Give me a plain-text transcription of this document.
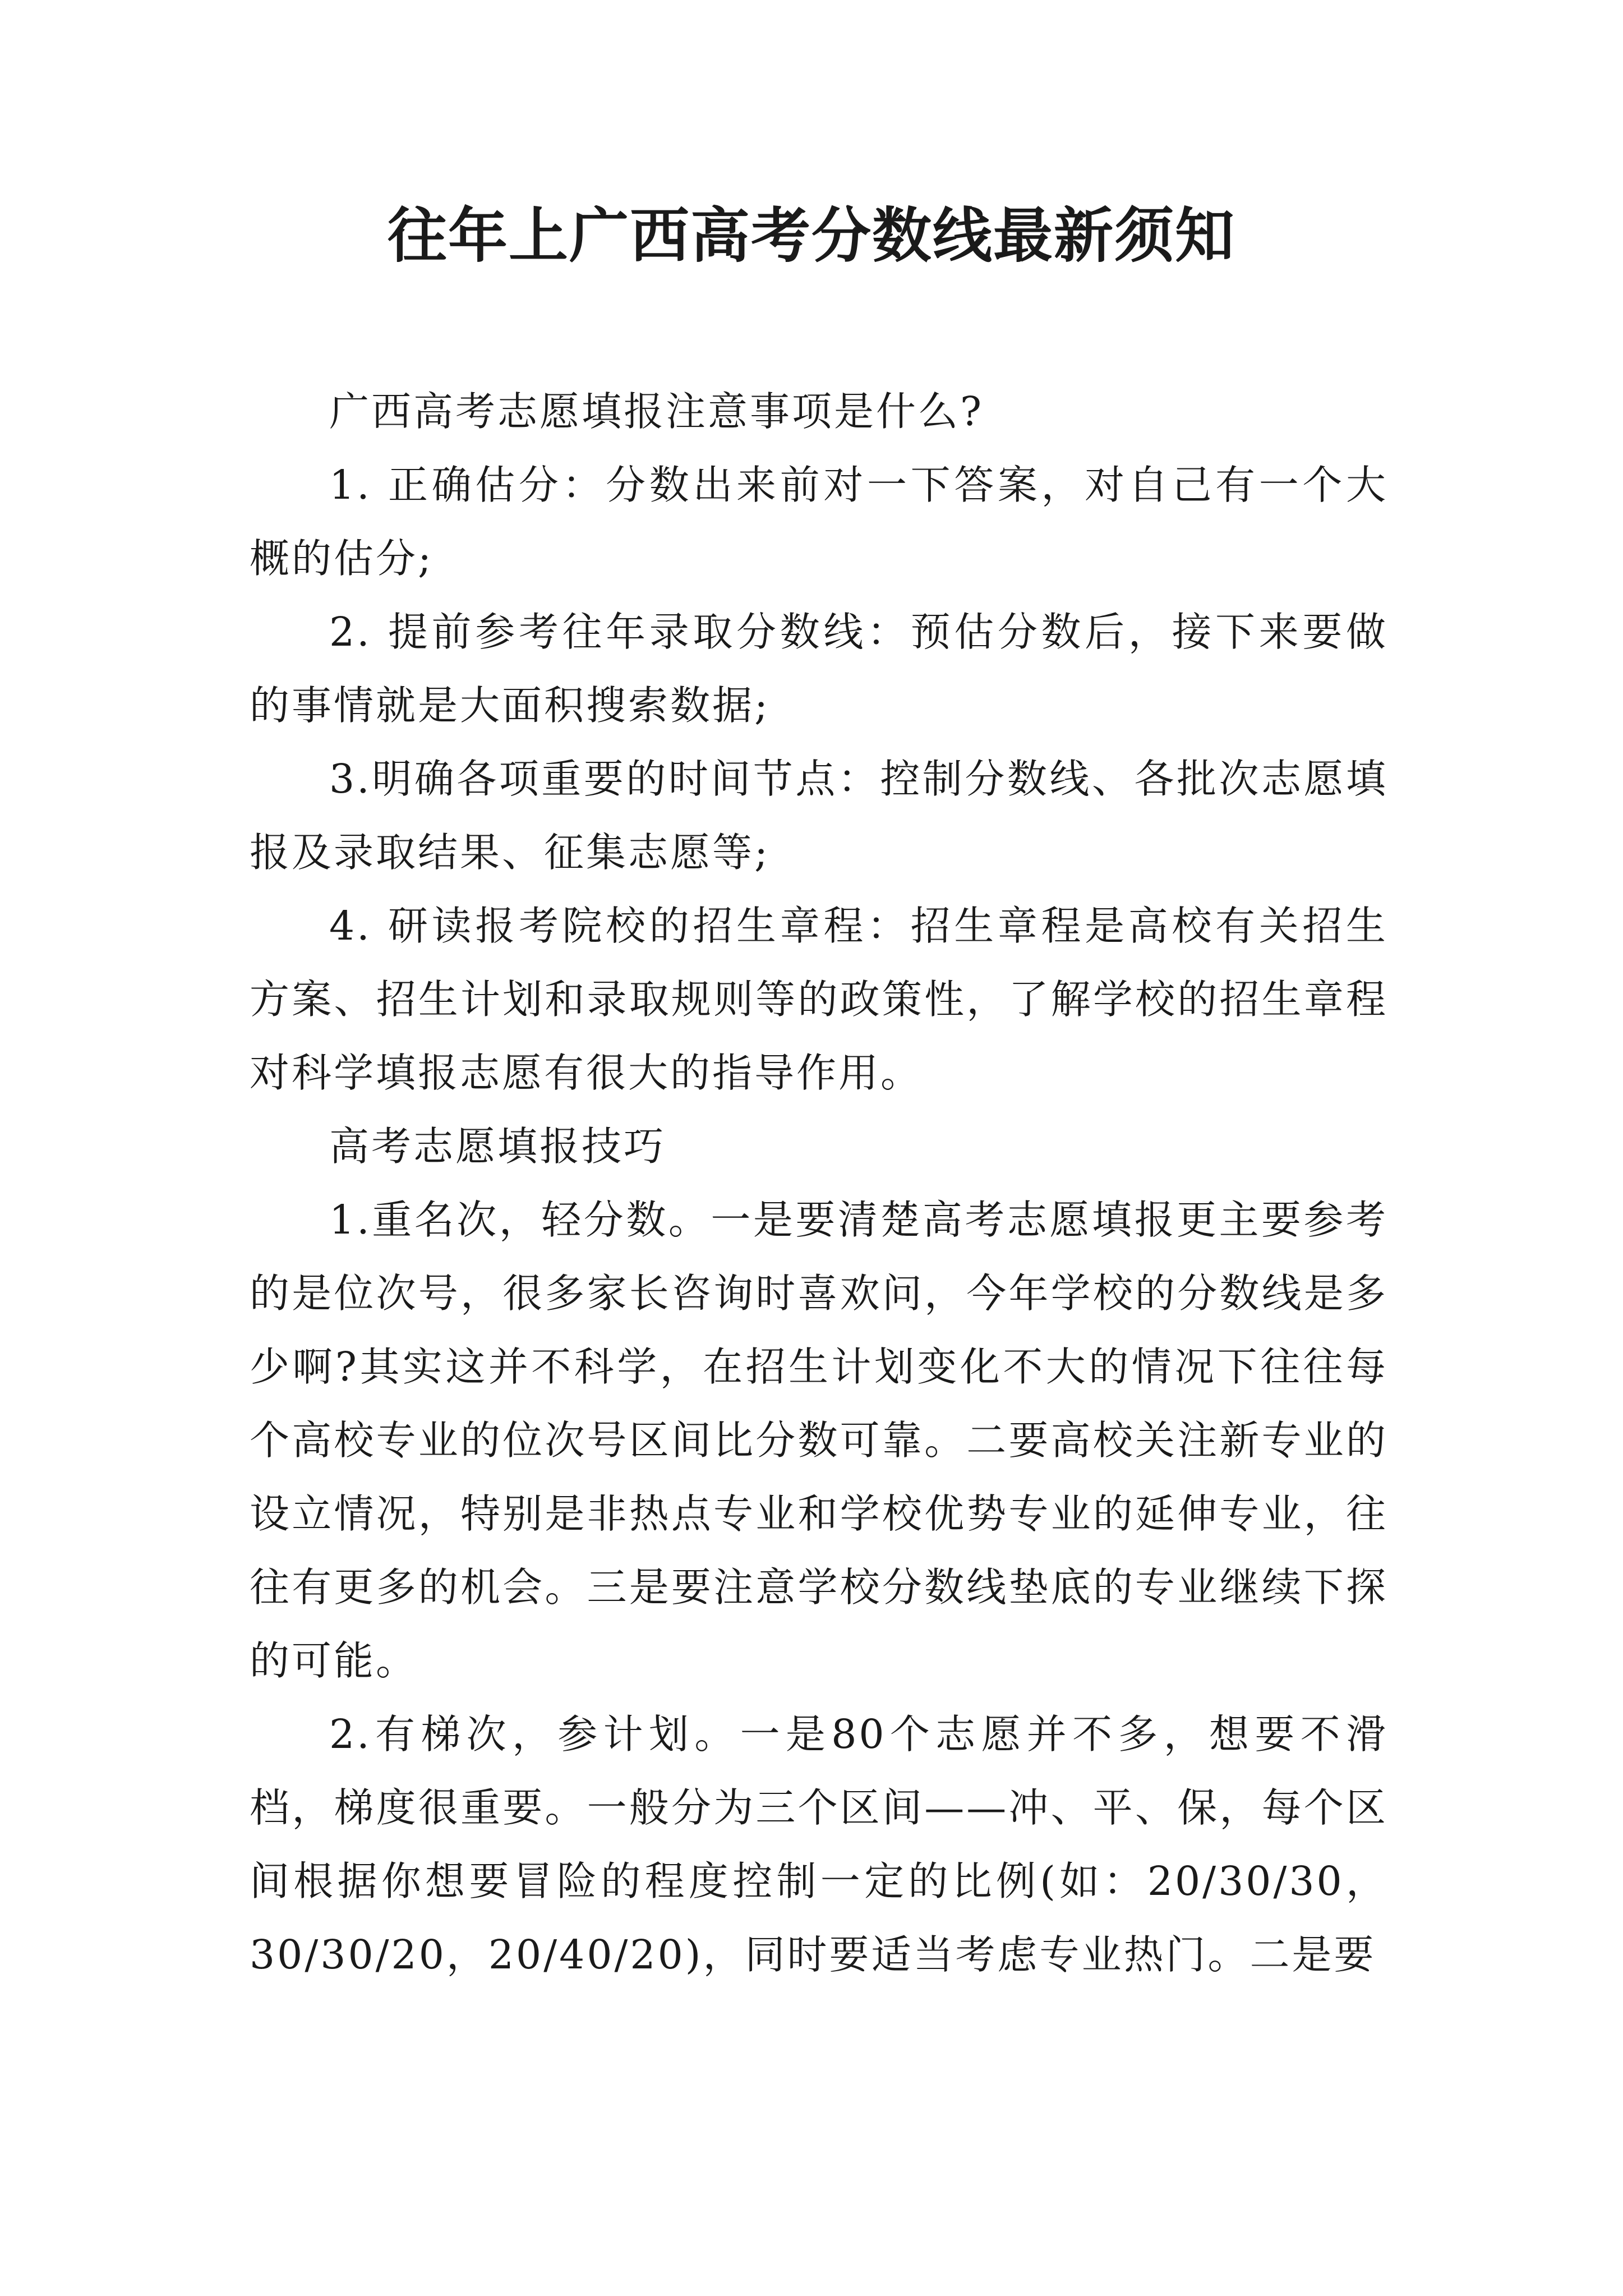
往年上广西高考分数线最新须知

广西高考志愿填报注意事项是什么?

1. 正确估分：分数出来前对一下答案，对自己有一个大概的估分;

2. 提前参考往年录取分数线：预估分数后，接下来要做的事情就是大面积搜索数据;

3.明确各项重要的时间节点：控制分数线、各批次志愿填报及录取结果、征集志愿等;

4. 研读报考院校的招生章程：招生章程是高校有关招生方案、招生计划和录取规则等的政策性，了解学校的招生章程对科学填报志愿有很大的指导作用。

高考志愿填报技巧

1.重名次，轻分数。一是要清楚高考志愿填报更主要参考的是位次号，很多家长咨询时喜欢问，今年学校的分数线是多少啊?其实这并不科学，在招生计划变化不大的情况下往往每个高校专业的位次号区间比分数可靠。二要高校关注新专业的设立情况，特别是非热点专业和学校优势专业的延伸专业，往往有更多的机会。三是要注意学校分数线垫底的专业继续下探的可能。

2.有梯次，参计划。一是80个志愿并不多，想要不滑档，梯度很重要。一般分为三个区间——冲、平、保，每个区间根据你想要冒险的程度控制一定的比例(如：20/30/30，30/30/20，20/40/20)，同时要适当考虑专业热门。二是要
